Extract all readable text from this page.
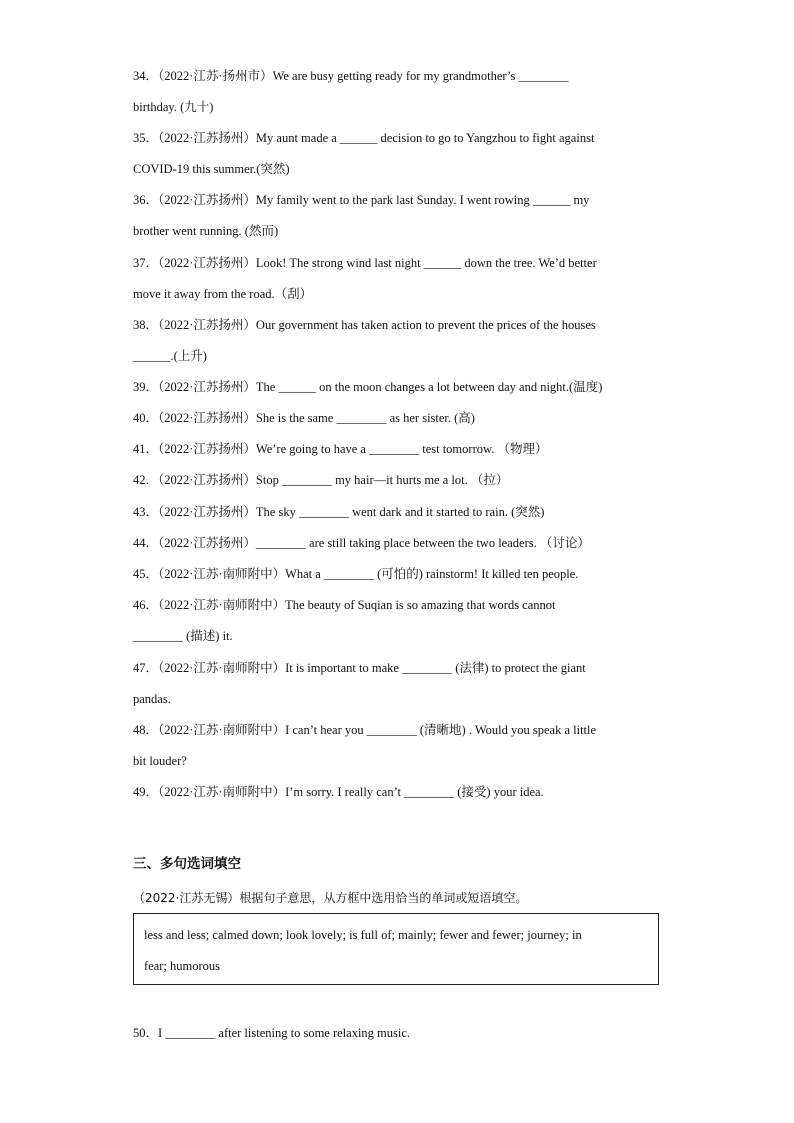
34．（2022·江苏·扬州市）We are busy getting ready for my grandmother’s ________
birthday. (九十)
35．（2022·江苏扬州）My aunt made a ______ decision to go to Yangzhou to fight against
COVID-19 this summer.(突然)
36．（2022·江苏扬州）My family went to the park last Sunday. I went rowing ______ my
brother went running. (然而)
37．（2022·江苏扬州）Look! The strong wind last night ______ down the tree. We’d better
move it away from the road.（刮）
38．（2022·江苏扬州）Our government has taken action to prevent the prices of the houses
______.(上升)
39．（2022·江苏扬州）The ______ on the moon changes a lot between day and night.(温度)
40．（2022·江苏扬州）She is the same ________ as her sister. (高)
41．（2022·江苏扬州）We’re going to have a ________ test tomorrow. （物理）
42．（2022·江苏扬州）Stop ________ my hair—it hurts me a lot. （拉）
43．（2022·江苏扬州）The sky ________ went dark and it started to rain. (突然)
44．（2022·江苏扬州）________ are still taking place between the two leaders. （讨论）
45．（2022·江苏·南师附中）What a ________ (可怕的) rainstorm! It killed ten people.
46．（2022·江苏·南师附中）The beauty of Suqian is so amazing that words cannot
________ (描述) it.
47．（2022·江苏·南师附中）It is important to make ________ (法律) to protect the giant
pandas.
48．（2022·江苏·南师附中）I can’t hear you ________ (清晰地) . Would you speak a little
bit louder?
49．（2022·江苏·南师附中）I’m sorry. I really can’t ________ (接受) your idea.
三、多句选词填空
（2022·江苏无锡）根据句子意思，从方框中选用恰当的单词或短语填空。
less and less; calmed down; look lovely; is full of; mainly; fewer and fewer; journey; in
fear; humorous
50．I ________ after listening to some relaxing music.
